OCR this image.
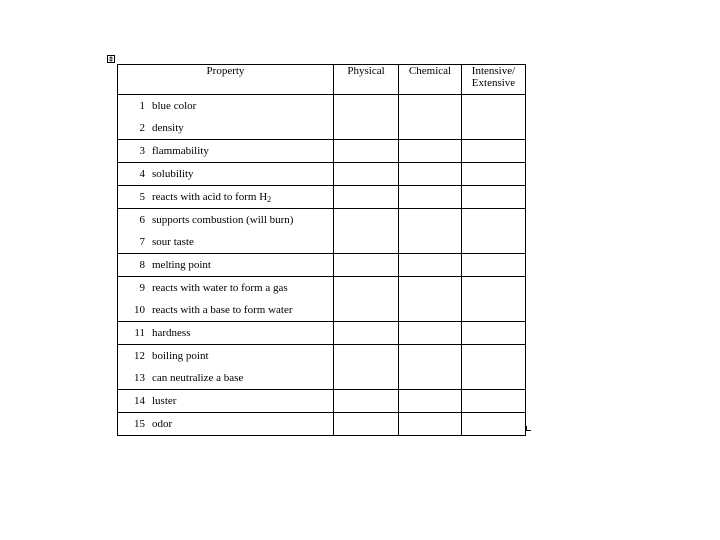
Property	Physical	Chemical	Intensive/
Extensive

1 blue color
2 density			

3 flammability			

4 solubility			

5 reacts with acid to form $H_2$

6 supports combustion (will burn)
7 sour taste			

8 melting point			

9 reacts with water to form a gas
10 reacts with a base to form water			

11 hardness			

12 boiling point
13 can neutralize a base			

14 luster			

15 odor			
